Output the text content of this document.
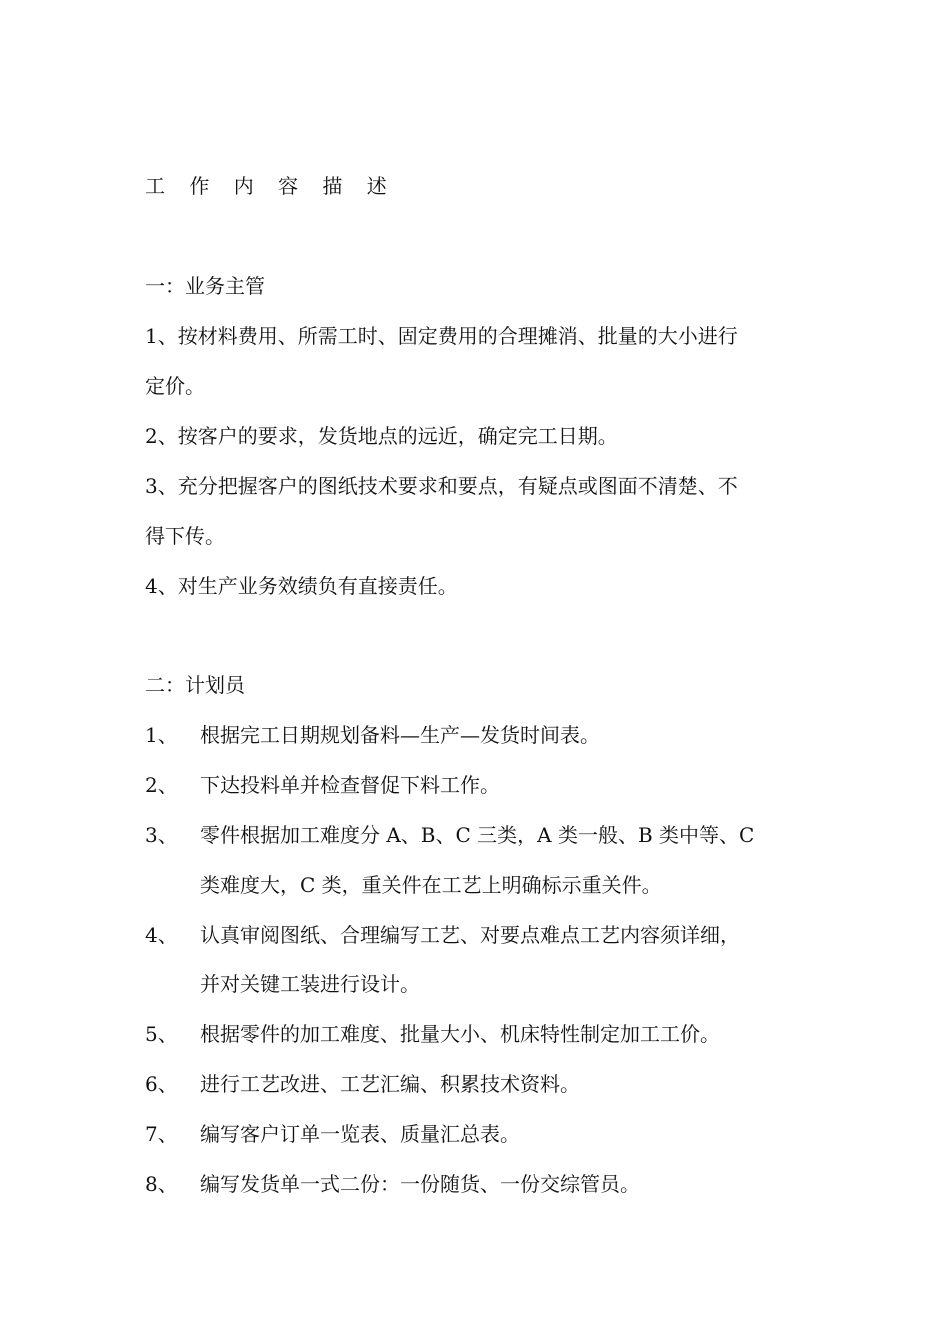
工 作 内 容 描 述
一：业务主管
1、按材料费用、所需工时、固定费用的合理摊消、批量的大小进行
定价。
2、按客户的要求，发货地点的远近，确定完工日期。
3、充分把握客户的图纸技术要求和要点，有疑点或图面不清楚、不
得下传。
4、对生产业务效绩负有直接责任。
二：计划员
1、 根据完工日期规划备料—生产—发货时间表。
2、 下达投料单并检查督促下料工作。
3、 零件根据加工难度分 A、B、C 三类，A 类一般、B 类中等、C
类难度大，C 类，重关件在工艺上明确标示重关件。
4、 认真审阅图纸、合理编写工艺、对要点难点工艺内容须详细，
并对关键工装进行设计。
5、 根据零件的加工难度、批量大小、机床特性制定加工工价。
6、 进行工艺改进、工艺汇编、积累技术资料。
7、 编写客户订单一览表、质量汇总表。
8、 编写发货单一式二份：一份随货、一份交综管员。
